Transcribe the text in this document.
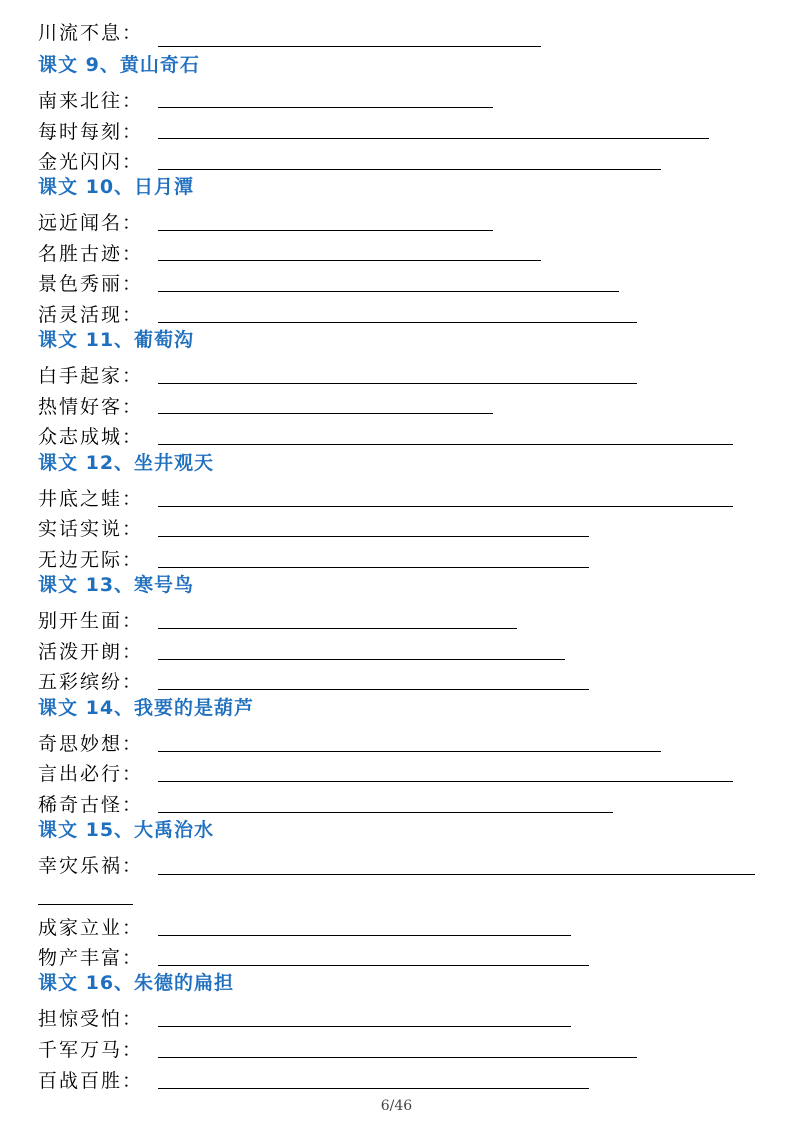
川流不息 ：
课文 9、黄山奇石
南来北往 ：
每时每刻 ：
金光闪闪 ：
课文 10、日月潭
远近闻名 ：
名胜古迹 ：
景色秀丽 ：
活灵活现 ：
课文 11、葡萄沟
白手起家 ：
热情好客 ：
众志成城 ：
课文 12、坐井观天
井底之蛙 ：
实话实说 ：
无边无际 ：
课文 13、寒号鸟
别开生面 ：
活泼开朗 ：
五彩缤纷 ：
课文 14、我要的是葫芦
奇思妙想 ：
言出必行 ：
稀奇古怪 ：
课文 15、大禹治水
幸灾乐祸 ：
成家立业 ：
物产丰富 ：
课文 16、朱德的扁担
担惊受怕 ：
千军万马 ：
百战百胜 ：
6/46
